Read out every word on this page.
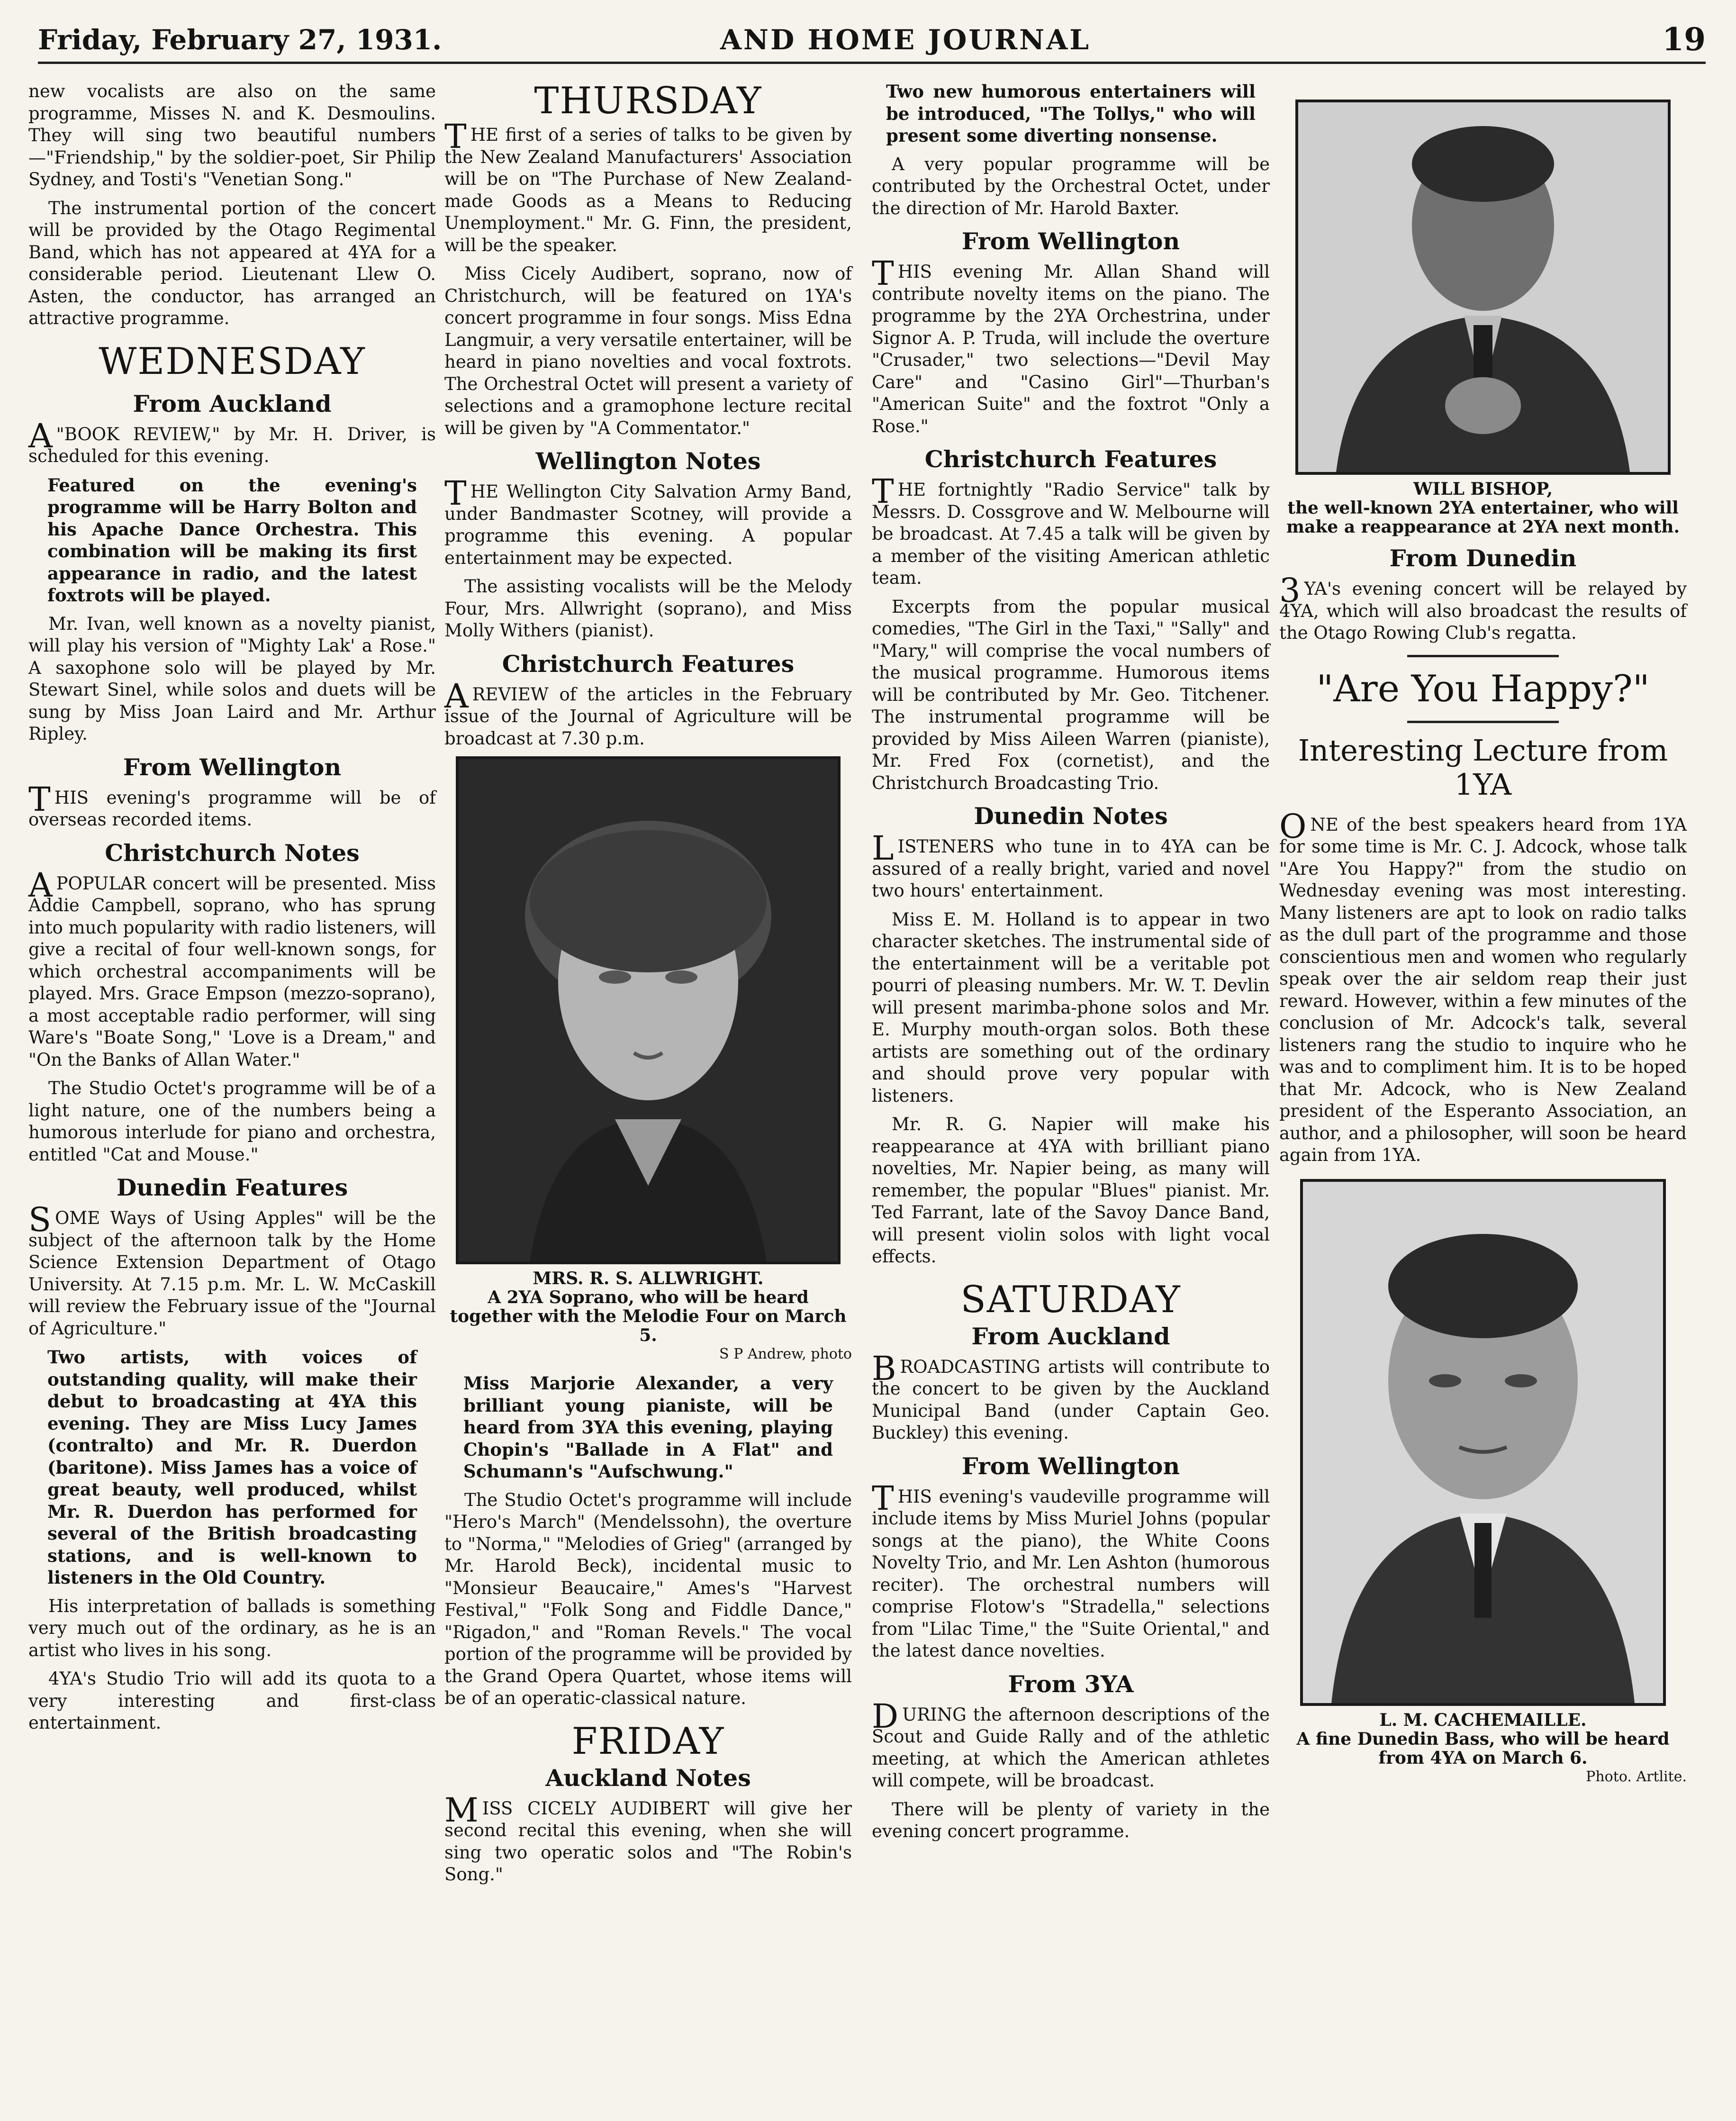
Friday, February 27, 1931.	AND HOME JOURNAL	19

new vocalists are also on the same programme, Misses N. and K. Desmoulins. They will sing two beautiful numbers—"Friendship," by the soldier-poet, Sir Philip Sydney, and Tosti's "Venetian Song."

The instrumental portion of the concert will be provided by the Otago Regimental Band, which has not appeared at 4YA for a considerable period. Lieutenant Llew O. Asten, the conductor, has arranged an attractive programme.

WEDNESDAY
From Auckland

A "BOOK REVIEW," by Mr. H. Driver, is scheduled for this evening.

Featured on the evening's programme will be Harry Bolton and his Apache Dance Orchestra. This combination will be making its first appearance in radio, and the latest foxtrots will be played.

Mr. Ivan, well known as a novelty pianist, will play his version of "Mighty Lak' a Rose." A saxophone solo will be played by Mr. Stewart Sinel, while solos and duets will be sung by Miss Joan Laird and Mr. Arthur Ripley.

From Wellington

THIS evening's programme will be of overseas recorded items.

Christchurch Notes

APOPULAR concert will be presented. Miss Addie Campbell, soprano, who has sprung into much popularity with radio listeners, will give a recital of four well-known songs, for which orchestral accompaniments will be played. Mrs. Grace Empson (mezzo-soprano), a most acceptable radio performer, will sing Ware's "Boate Song," 'Love is a Dream," and "On the Banks of Allan Water."

The Studio Octet's programme will be of a light nature, one of the numbers being a humorous interlude for piano and orchestra, entitled "Cat and Mouse."

Dunedin Features

SOME Ways of Using Apples" will be the subject of the afternoon talk by the Home Science Extension Department of Otago University. At 7.15 p.m. Mr. L. W. McCaskill will review the February issue of the "Journal of Agriculture."

Two artists, with voices of outstanding quality, will make their debut to broadcasting at 4YA this evening. They are Miss Lucy James (contralto) and Mr. R. Duerdon (baritone). Miss James has a voice of great beauty, well produced, whilst Mr. R. Duerdon has performed for several of the British broadcasting stations, and is well-known to listeners in the Old Country.

His interpretation of ballads is something very much out of the ordinary, as he is an artist who lives in his song.

4YA's Studio Trio will add its quota to a very interesting and first-class entertainment.

THURSDAY

THE first of a series of talks to be given by the New Zealand Manufacturers' Association will be on "The Purchase of New Zealand-made Goods as a Means to Reducing Unemployment." Mr. G. Finn, the president, will be the speaker.

Miss Cicely Audibert, soprano, now of Christchurch, will be featured on 1YA's concert programme in four songs. Miss Edna Langmuir, a very versatile entertainer, will be heard in piano novelties and vocal foxtrots. The Orchestral Octet will present a variety of selections and a gramophone lecture recital will be given by "A Commentator."

Wellington Notes

THE Wellington City Salvation Army Band, under Bandmaster Scotney, will provide a programme this evening. A popular entertainment may be expected.

The assisting vocalists will be the Melody Four, Mrs. Allwright (soprano), and Miss Molly Withers (pianist).

Christchurch Features

AREVIEW of the articles in the February issue of the Journal of Agriculture will be broadcast at 7.30 p.m.

MRS. R. S. ALLWRIGHT.
A 2YA Soprano, who will be heard together with the Melodie Four on March 5.
S P Andrew, photo

Miss Marjorie Alexander, a very brilliant young pianiste, will be heard from 3YA this evening, playing Chopin's "Ballade in A Flat" and Schumann's "Aufschwung."

The Studio Octet's programme will include "Hero's March" (Mendelssohn), the overture to "Norma," "Melodies of Grieg" (arranged by Mr. Harold Beck), incidental music to "Monsieur Beaucaire," Ames's "Harvest Festival," "Folk Song and Fiddle Dance," "Rigadon," and "Roman Revels." The vocal portion of the programme will be provided by the Grand Opera Quartet, whose items will be of an operatic-classical nature.

FRIDAY
Auckland Notes

MISS CICELY AUDIBERT will give her second recital this evening, when she will sing two operatic solos and "The Robin's Song."

Two new humorous entertainers will be introduced, "The Tollys," who will present some diverting nonsense.

A very popular programme will be contributed by the Orchestral Octet, under the direction of Mr. Harold Baxter.

From Wellington

THIS evening Mr. Allan Shand will contribute novelty items on the piano. The programme by the 2YA Orchestrina, under Signor A. P. Truda, will include the overture "Crusader," two selections—"Devil May Care" and "Casino Girl"—Thurban's "American Suite" and the foxtrot "Only a Rose."

Christchurch Features

THE fortnightly "Radio Service" talk by Messrs. D. Cossgrove and W. Melbourne will be broadcast. At 7.45 a talk will be given by a member of the visiting American athletic team.

Excerpts from the popular musical comedies, "The Girl in the Taxi," "Sally" and "Mary," will comprise the vocal numbers of the musical programme. Humorous items will be contributed by Mr. Geo. Titchener. The instrumental programme will be provided by Miss Aileen Warren (pianiste), Mr. Fred Fox (cornetist), and the Christchurch Broadcasting Trio.

Dunedin Notes

LISTENERS who tune in to 4YA can be assured of a really bright, varied and novel two hours' entertainment.

Miss E. M. Holland is to appear in two character sketches. The instrumental side of the entertainment will be a veritable pot pourri of pleasing numbers. Mr. W. T. Devlin will present marimba-phone solos and Mr. E. Murphy mouth-organ solos. Both these artists are something out of the ordinary and should prove very popular with listeners.

Mr. R. G. Napier will make his reappearance at 4YA with brilliant piano novelties, Mr. Napier being, as many will remember, the popular "Blues" pianist. Mr. Ted Farrant, late of the Savoy Dance Band, will present violin solos with light vocal effects.

SATURDAY
From Auckland

BROADCASTING artists will contribute to the concert to be given by the Auckland Municipal Band (under Captain Geo. Buckley) this evening.

From Wellington

THIS evening's vaudeville programme will include items by Miss Muriel Johns (popular songs at the piano), the White Coons Novelty Trio, and Mr. Len Ashton (humorous reciter). The orchestral numbers will comprise Flotow's "Stradella," selections from "Lilac Time," the "Suite Oriental," and the latest dance novelties.

From 3YA

DURING the afternoon descriptions of the Scout and Guide Rally and of the athletic meeting, at which the American athletes will compete, will be broadcast.

There will be plenty of variety in the evening concert programme.

WILL BISHOP,
the well-known 2YA entertainer, who will make a reappearance at 2YA next month.
From Dunedin

3 YA's evening concert will be relayed by 4YA, which will also broadcast the results of the Otago Rowing Club's regatta.

"Are You Happy?"
Interesting Lecture from 1YA

ONE of the best speakers heard from 1YA for some time is Mr. C. J. Adcock, whose talk "Are You Happy?" from the studio on Wednesday evening was most interesting. Many listeners are apt to look on radio talks as the dull part of the programme and those conscientious men and women who regularly speak over the air seldom reap their just reward. However, within a few minutes of the conclusion of Mr. Adcock's talk, several listeners rang the studio to inquire who he was and to compliment him. It is to be hoped that Mr. Adcock, who is New Zealand president of the Esperanto Association, an author, and a philosopher, will soon be heard again from 1YA.

L. M. CACHEMAILLE.
A fine Dunedin Bass, who will be heard from 4YA on March 6.
Photo. Artlite.
